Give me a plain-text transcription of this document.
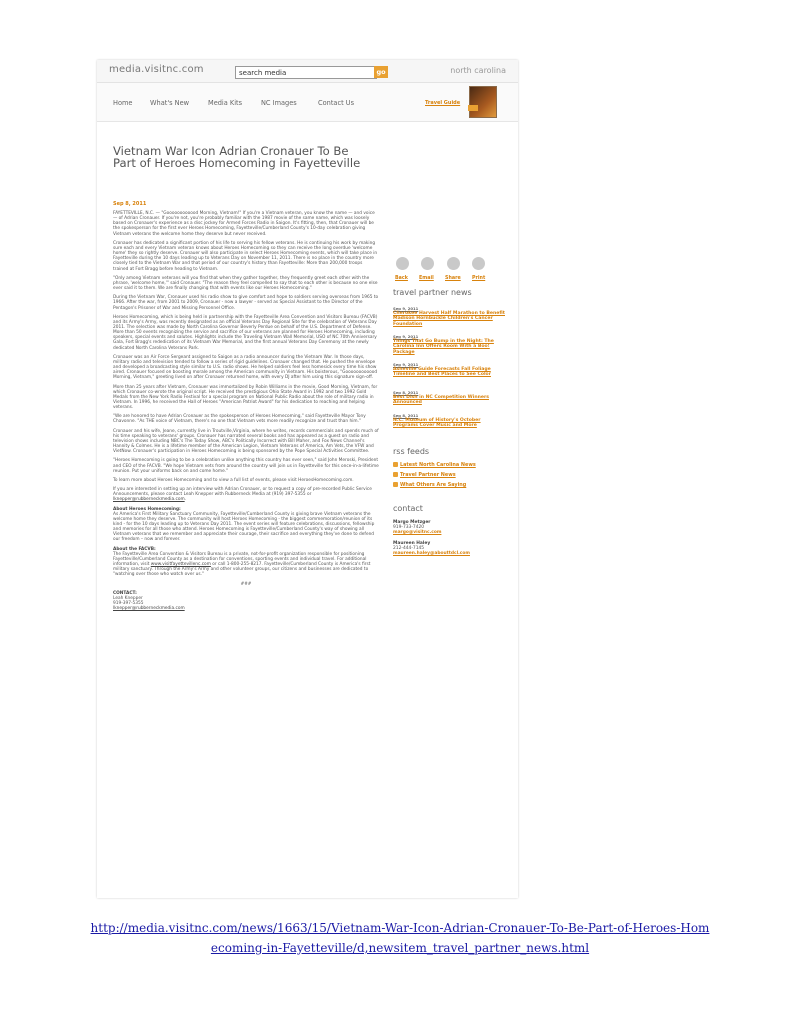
media.visitnc.com
search media	go	north carolina
Home	What's New	Media Kits	NC Images	Contact Us	Travel Guide
Vietnam War Icon Adrian Cronauer To Be Part of Heroes Homecoming in Fayetteville
Sep 8, 2011

FAYETTEVILLE, N.C. — "Goooooooooood Morning, Vietnam!" If you're a Vietnam veteran, you know the name — and voice — of Adrian Cronauer. If you're not, you're probably familiar with the 1987 movie of the same name, which was loosely based on Cronauer's experience as a disc jockey for Armed Forces Radio in Saigon. It's fitting, then, that Cronauer will be the spokesperson for the first ever Heroes Homecoming, Fayetteville/Cumberland County's 10-day celebration giving Vietnam veterans the welcome home they deserve but never received.

Cronauer has dedicated a significant portion of his life to serving his fellow veterans. He is continuing his work by making sure each and every Vietnam veteran knows about Heroes Homecoming so they can receive the long overdue 'welcome home' they so rightly deserve. Cronauer will also participate in select Heroes Homecoming events, which will take place in Fayetteville during the 10 days leading up to Veterans Day on November 11, 2011. There is no place in the country more closely tied to the Vietnam War and that period of our country's history than Fayetteville: More than 200,000 troops trained at Fort Bragg before heading to Vietnam.

"Only among Vietnam veterans will you find that when they gather together, they frequently greet each other with the phrase, 'welcome home,'" said Cronauer. "The reason they feel compelled to say that to each other is because no one else ever said it to them. We are finally changing that with events like our Heroes Homecoming."

During the Vietnam War, Cronauer used his radio show to give comfort and hope to soldiers serving overseas from 1965 to 1966. After the war, from 2001 to 2009, Cronauer - now a lawyer - served as Special Assistant to the Director of the Pentagon's Prisoner of War and Missing Personnel Office.

Heroes Homecoming, which is being held in partnership with the Fayetteville Area Convention and Visitors Bureau (FACVB) and its Army's Army, was recently designated as an official Veterans Day Regional Site for the celebration of Veterans Day 2011. The selection was made by North Carolina Governor Beverly Perdue on behalf of the U.S. Department of Defense. More than 50 events recognizing the service and sacrifice of our veterans are planned for Heroes Homecoming, including speakers, special events and salutes. Highlights include the Traveling Vietnam Wall Memorial, USO of NC 70th Anniversary Gala, Fort Bragg's rededication of its Vietnam War Memorial, and the first annual Veterans Day Ceremony at the newly dedicated North Carolina Veterans Park.

Cronauer was an Air Force Sergeant assigned to Saigon as a radio announcer during the Vietnam War. In those days, military radio and television tended to follow a series of rigid guidelines. Cronauer changed that. He pushed the envelope and developed a broadcasting style similar to U.S. radio shows. He helped soldiers feel less homesick every time his show aired. Cronauer focused on boosting morale among the American community in Vietnam. His boisterous, "Goooooooooood Morning, Vietnam," greeting lived on after Cronauer returned home, with every DJ after him using this signature sign-off.

More than 25 years after Vietnam, Cronauer was immortalized by Robin Williams in the movie, Good Morning, Vietnam, for which Cronauer co-wrote the original script. He received the prestigious Ohio State Award in 1992 and two 1992 Gold Medals from the New York Radio Festival for a special program on National Public Radio about the role of military radio in Vietnam. In 1996, he received the Hall of Heroes "American Patriot Award" for his dedication to reaching and helping veterans.

"We are honored to have Adrian Cronauer as the spokesperson of Heroes Homecoming," said Fayetteville Mayor Tony Chavonne. "As THE voice of Vietnam, there's no one that Vietnam vets more readily recognize and trust than him."

Cronauer and his wife, Jeane, currently live in Troutville,Virginia, where he writes, records commercials and spends much of his time speaking to veterans' groups. Cronauer has narrated several books and has appeared as a guest on radio and television shows including NBC's The Today Show, ABC's Politically Incorrect with Bill Maher, and Fox News Channel's Hannity & Colmes. He is a lifetime member of the American Legion, Vietnam Veterans of America, Am Vets, the VFW and VietNow. Cronauer's participation in Heroes Homecoming is being sponsored by the Pope Special Activities Committee.

"Heroes Homecoming is going to be a celebration unlike anything this country has ever seen," said John Meroski, President and CEO of the FACVB. "We hope Vietnam vets from around the country will join us in Fayetteville for this once-in-a-lifetime reunion. Put your uniforms back on and come home."

To learn more about Heroes Homecoming and to view a full list of events, please visit HeroesHomecoming.com.

If you are interested in setting up an interview with Adrian Cronauer, or to request a copy of pre-recorded Public Service Announcements, please contact Leah Knepper with Rubberneck Media at (919) 397-5355 or lknepper@rubberneckmedia.com.

About Heroes Homecoming:

As America's First Military Sanctuary Community, Fayetteville/Cumberland County is giving brave Vietnam veterans the welcome home they deserve. The community will host Heroes Homecoming - the biggest commemoration/reunion of its kind - for the 10 days leading up to Veterans Day 2011. The event series will feature celebrations, discussions, fellowship and memories for all those who attend. Heroes Homecoming is Fayetteville/Cumberland County's way of showing all Vietnam veterans that we remember and appreciate their courage, their sacrifice and everything they've done to defend our freedom – now and forever.

About the FACVB:

The Fayetteville Area Convention & Visitors Bureau is a private, not-for-profit organization responsible for positioning Fayetteville/Cumberland County as a destination for conventions, sporting events and individual travel. For additional information, visit www.visitfayettevillenc.com or call 1-800-255-8217. Fayetteville/Cumberland County is America's first military sanctuary. Through the Army's Army and other volunteer groups, our citizens and businesses are dedicated to "watching over those who watch over us."

###

CONTACT:

Leah Knepper
919-397-5355
lknepper@rubberneckmedia.com
Back Email Share Print
travel partner news
Sep 9, 2011
Cherokee Harvest Half Marathon to Benefit Madison Hornbuckle Children's Cancer Foundation
Sep 9, 2011
Things That Go Bump in the Night: The Carolina Inn Offers Room With a Boo! Package
Sep 9, 2011
Asheville Guide Forecasts Fall Foliage Timeline and Best Places to See Color
Sep 8, 2011
Best Dish in NC Competition Winners Announced
Sep 8, 2011
N.C. Museum of History's October Programs Cover Music and More
rss feeds
Latest North Carolina News
Travel Partner News
What Others Are Saying
contact
Margo Metzger
919-733-7420
margo@visitnc.com
Maureen Haley
212-444-7145
maureen.haley@abouttdcl.com
http://media.visitnc.com/news/1663/15/Vietnam-War-Icon-Adrian-Cronauer-To-Be-Part-of-Heroes-Homecoming-in-Fayetteville/d,newsitem_travel_partner_news.html
